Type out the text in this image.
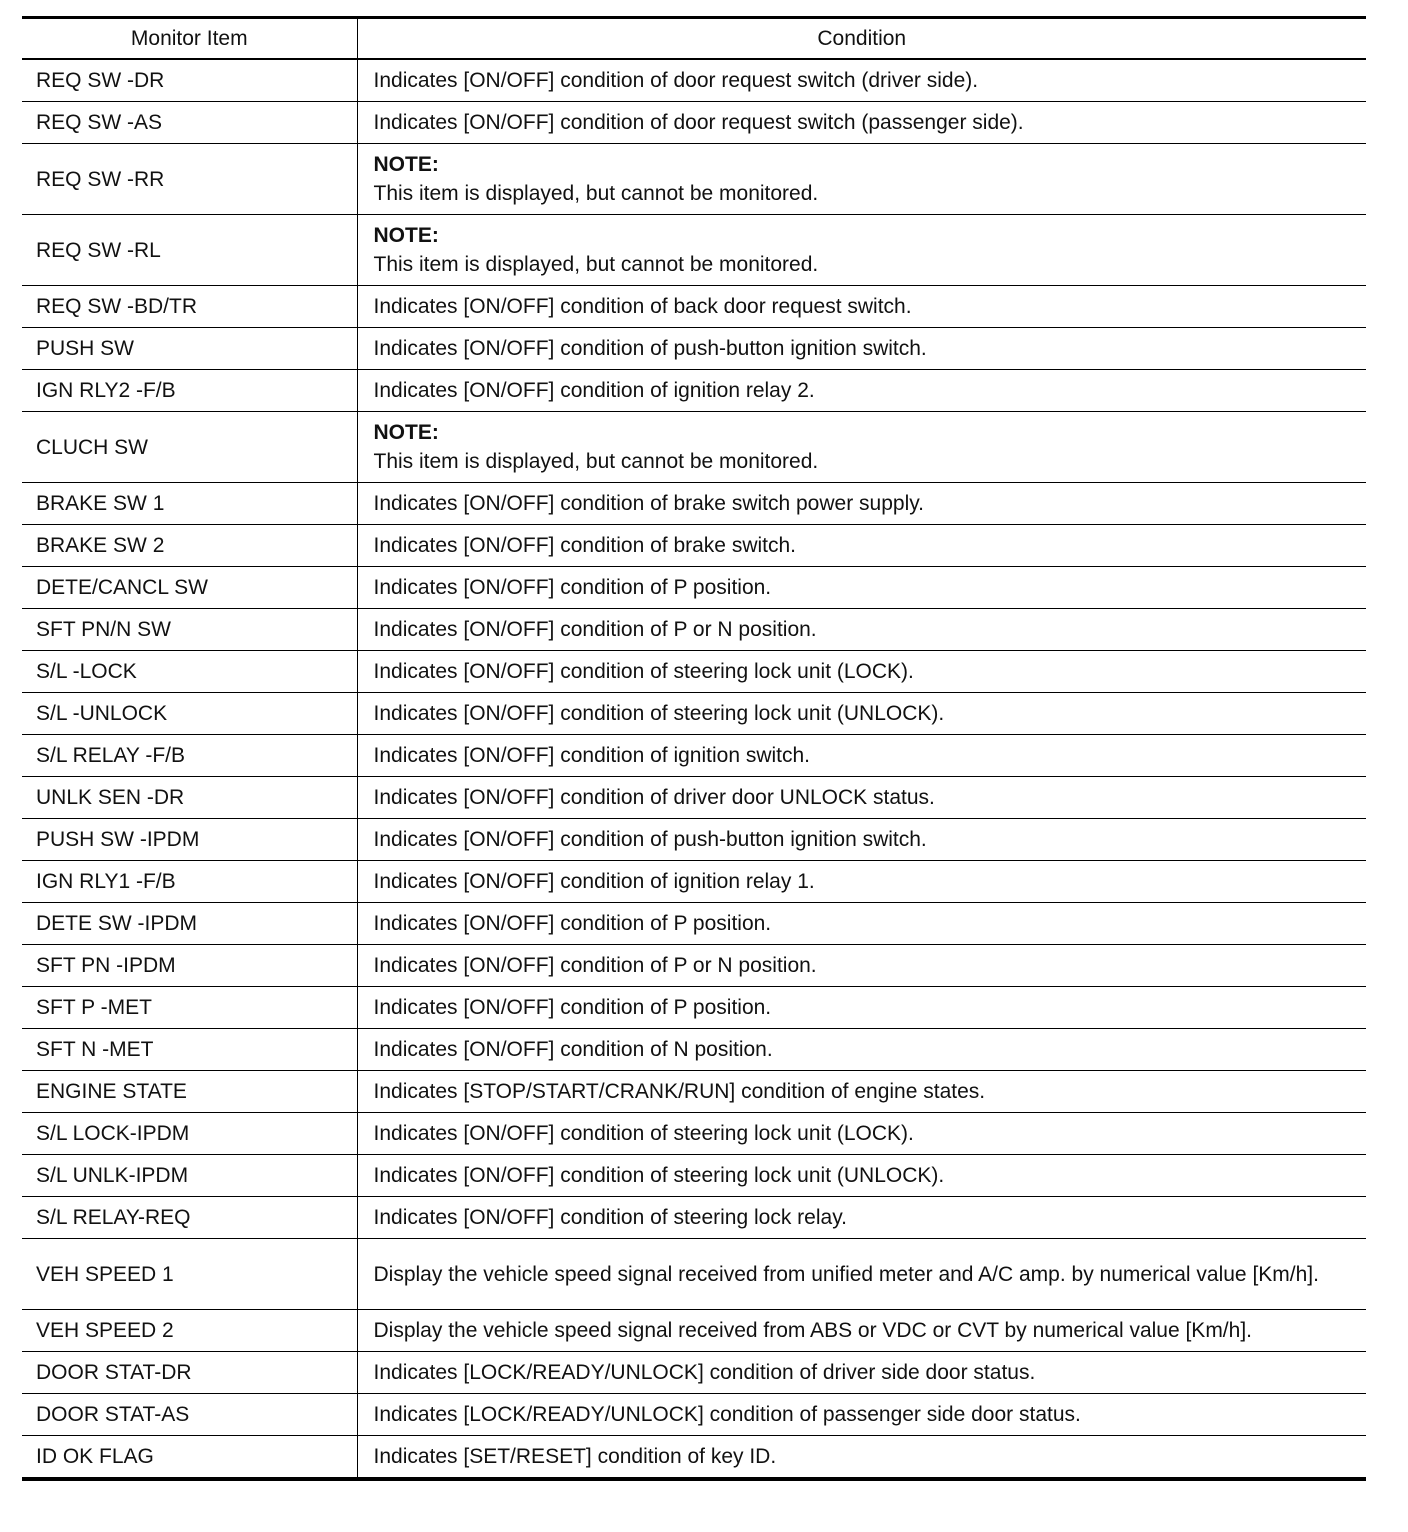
Monitor Item	Condition
REQ SW -DR	Indicates [ON/OFF] condition of door request switch (driver side).
REQ SW -AS	Indicates [ON/OFF] condition of door request switch (passenger side).
REQ SW -RR	NOTE:
This item is displayed, but cannot be monitored.

REQ SW -RL	NOTE:
This item is displayed, but cannot be monitored.

REQ SW -BD/TR	Indicates [ON/OFF] condition of back door request switch.
PUSH SW	Indicates [ON/OFF] condition of push-button ignition switch.
IGN RLY2 -F/B	Indicates [ON/OFF] condition of ignition relay 2.
CLUCH SW	NOTE:
This item is displayed, but cannot be monitored.

BRAKE SW 1	Indicates [ON/OFF] condition of brake switch power supply.
BRAKE SW 2	Indicates [ON/OFF] condition of brake switch.
DETE/CANCL SW	Indicates [ON/OFF] condition of P position.
SFT PN/N SW	Indicates [ON/OFF] condition of P or N position.
S/L -LOCK	Indicates [ON/OFF] condition of steering lock unit (LOCK).
S/L -UNLOCK	Indicates [ON/OFF] condition of steering lock unit (UNLOCK).
S/L RELAY -F/B	Indicates [ON/OFF] condition of ignition switch.
UNLK SEN -DR	Indicates [ON/OFF] condition of driver door UNLOCK status.
PUSH SW -IPDM	Indicates [ON/OFF] condition of push-button ignition switch.
IGN RLY1 -F/B	Indicates [ON/OFF] condition of ignition relay 1.
DETE SW -IPDM	Indicates [ON/OFF] condition of P position.
SFT PN -IPDM	Indicates [ON/OFF] condition of P or N position.
SFT P -MET	Indicates [ON/OFF] condition of P position.
SFT N -MET	Indicates [ON/OFF] condition of N position.
ENGINE STATE	Indicates [STOP/START/CRANK/RUN] condition of engine states.
S/L LOCK-IPDM	Indicates [ON/OFF] condition of steering lock unit (LOCK).
S/L UNLK-IPDM	Indicates [ON/OFF] condition of steering lock unit (UNLOCK).
S/L RELAY-REQ	Indicates [ON/OFF] condition of steering lock relay.
VEH SPEED 1	Display the vehicle speed signal received from unified meter and A/C amp. by numerical value [Km/h].
VEH SPEED 2	Display the vehicle speed signal received from ABS or VDC or CVT by numerical value [Km/h].
DOOR STAT-DR	Indicates [LOCK/READY/UNLOCK] condition of driver side door status.
DOOR STAT-AS	Indicates [LOCK/READY/UNLOCK] condition of passenger side door status.
ID OK FLAG	Indicates [SET/RESET] condition of key ID.
